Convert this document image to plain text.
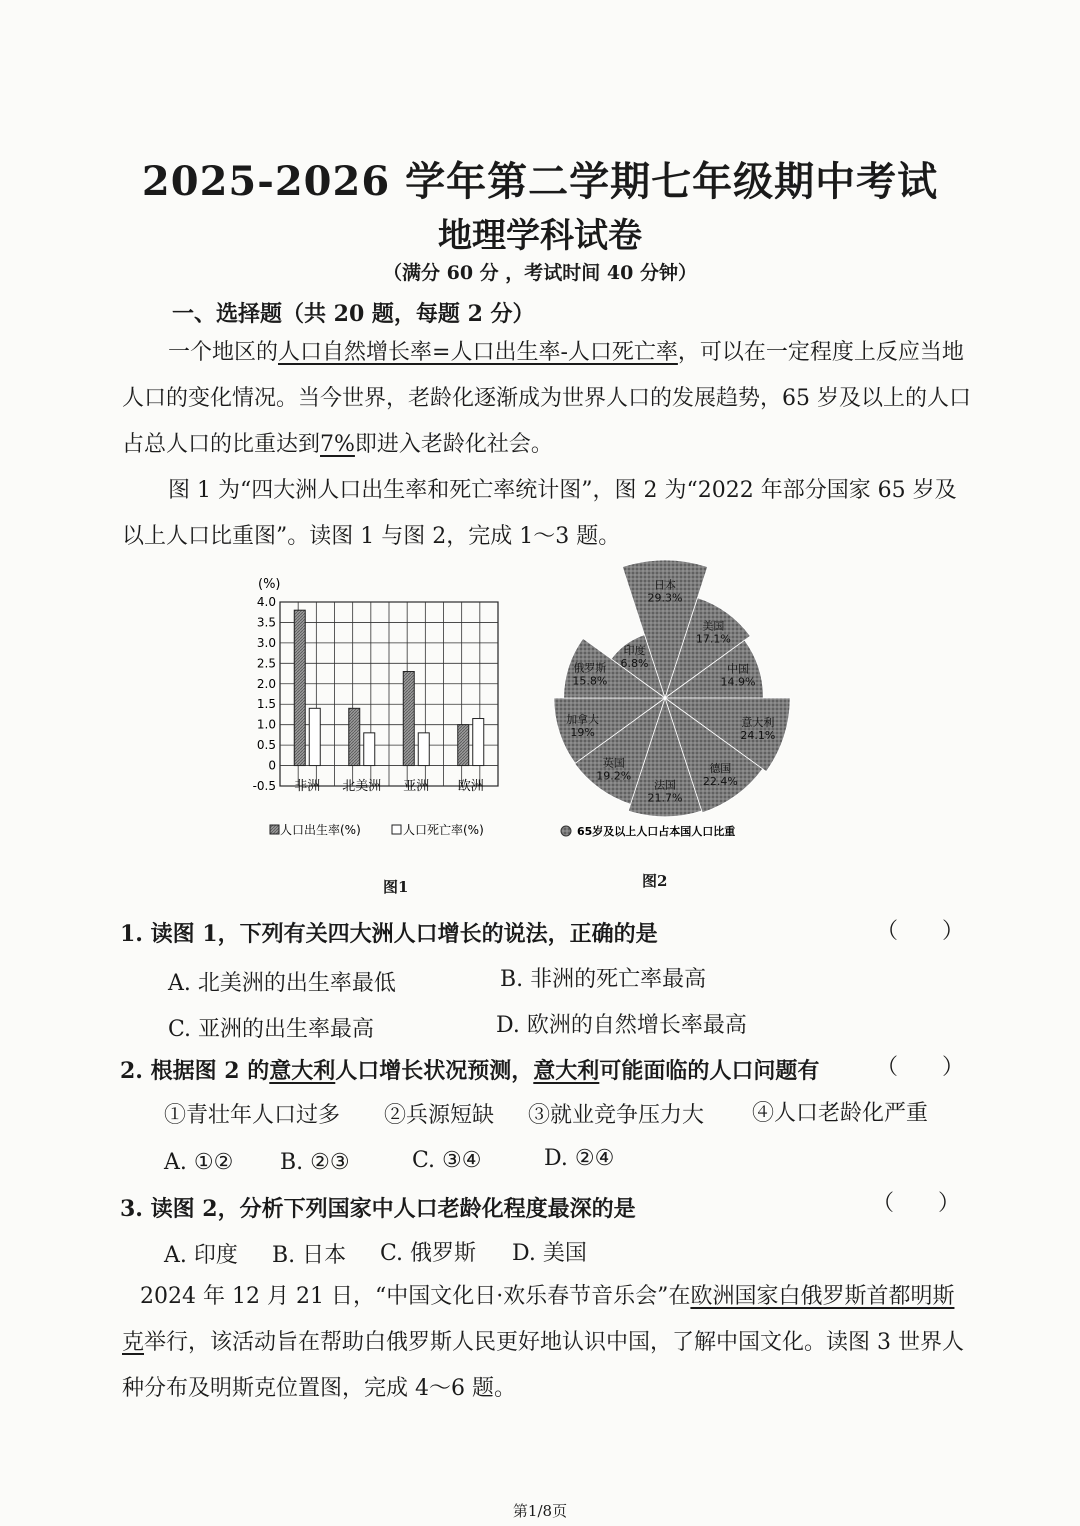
2025-2026 学年第二学期七年级期中考试
地理学科试卷
（满分 60 分 ，考试时间 40 分钟）
一、选择题（共 20 题，每题 2 分）
一个地区的人口自然增长率=人口出生率-人口死亡率，可以在一定程度上反应当地人口的变化情况。当今世界，老龄化逐渐成为世界人口的发展趋势，65 岁及以上的人口占总人口的比重达到7%即进入老龄化社会。
图 1 为“四大洲人口出生率和死亡率统计图”，图 2 为“2022 年部分国家 65 岁及以上人口比重图”。读图 1 与图 2，完成 1～3 题。
(%)
4.0
3.5
3.0
2.5
2.0
1.5
1.0
0.5
0
-0.5 非洲 北美洲 亚洲 欧洲
人口出生率(%)	人口死亡率(%)
图1
日本
29.3%
美国
17.1%
中国
14.9%
意大利
24.1%
德国
22.4%
法国
21.7%
英国
19.2%
加拿大
19%
俄罗斯
15.8%
印度
6.8%
65岁及以上人口占本国人口比重
图2
1. 读图 1，下列有关四大洲人口增长的说法，正确的是	（　　）
A. 北美洲的出生率最低	B. 非洲的死亡率最高
C. 亚洲的出生率最高	D. 欧洲的自然增长率最高
2. 根据图 2 的意大利人口增长状况预测，意大利可能面临的人口问题有	（　　）
①青壮年人口过多 ②兵源短缺 ③就业竞争压力大 ④人口老龄化严重
A. ①② B. ②③	C. ③④	D. ②④
3. 读图 2，分析下列国家中人口老龄化程度最深的是	（　　）
A. 印度 B. 日本 C. 俄罗斯 D. 美国
2024 年 12 月 21 日，“中国文化日·欢乐春节音乐会”在欧洲国家白俄罗斯首都明斯克举行，该活动旨在帮助白俄罗斯人民更好地认识中国，了解中国文化。读图 3 世界人种分布及明斯克位置图，完成 4～6 题。
第1/8页
